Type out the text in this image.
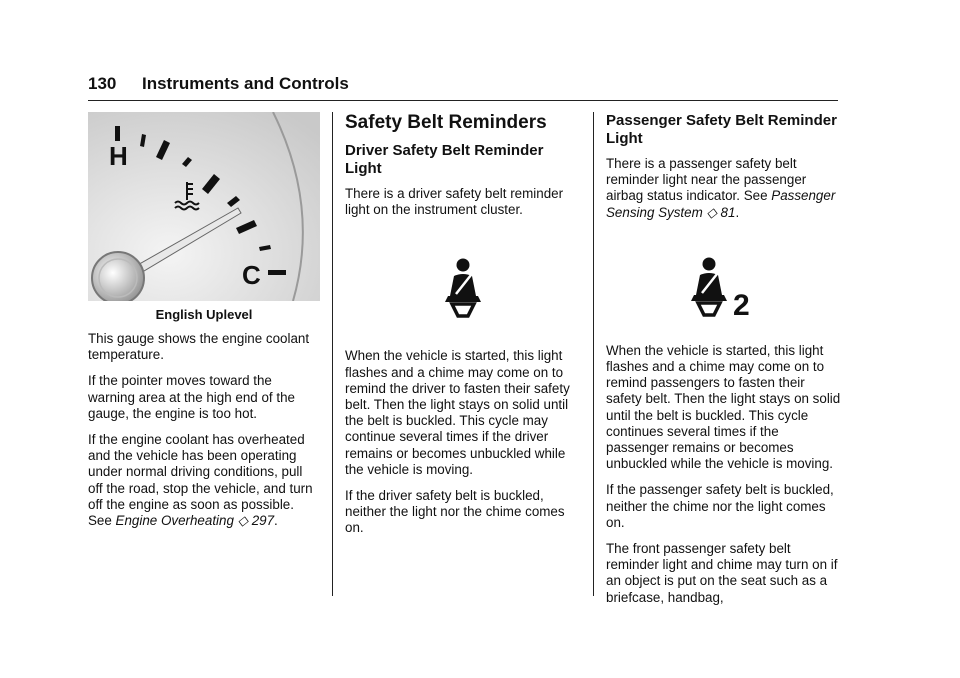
130 Instruments and Controls
H
C
English Uplevel

This gauge shows the engine coolant temperature.

If the pointer moves toward the warning area at the high end of the gauge, the engine is too hot.

If the engine coolant has overheated and the vehicle has been operating under normal driving conditions, pull off the road, stop the vehicle, and turn off the engine as soon as possible. See Engine Overheating ◇ 297.

Safety Belt Reminders
Driver Safety Belt Reminder Light

There is a driver safety belt reminder light on the instrument cluster.

When the vehicle is started, this light flashes and a chime may come on to remind the driver to fasten their safety belt. Then the light stays on solid until the belt is buckled. This cycle may continue several times if the driver remains or becomes unbuckled while the vehicle is moving.

If the driver safety belt is buckled, neither the light nor the chime comes on.

Passenger Safety Belt Reminder Light

There is a passenger safety belt reminder light near the passenger airbag status indicator. See Passenger Sensing System ◇ 81.

2

When the vehicle is started, this light flashes and a chime may come on to remind passengers to fasten their safety belt. Then the light stays on solid until the belt is buckled. This cycle continues several times if the passenger remains or becomes unbuckled while the vehicle is moving.

If the passenger safety belt is buckled, neither the chime nor the light comes on.

The front passenger safety belt reminder light and chime may turn on if an object is put on the seat such as a briefcase, handbag,
